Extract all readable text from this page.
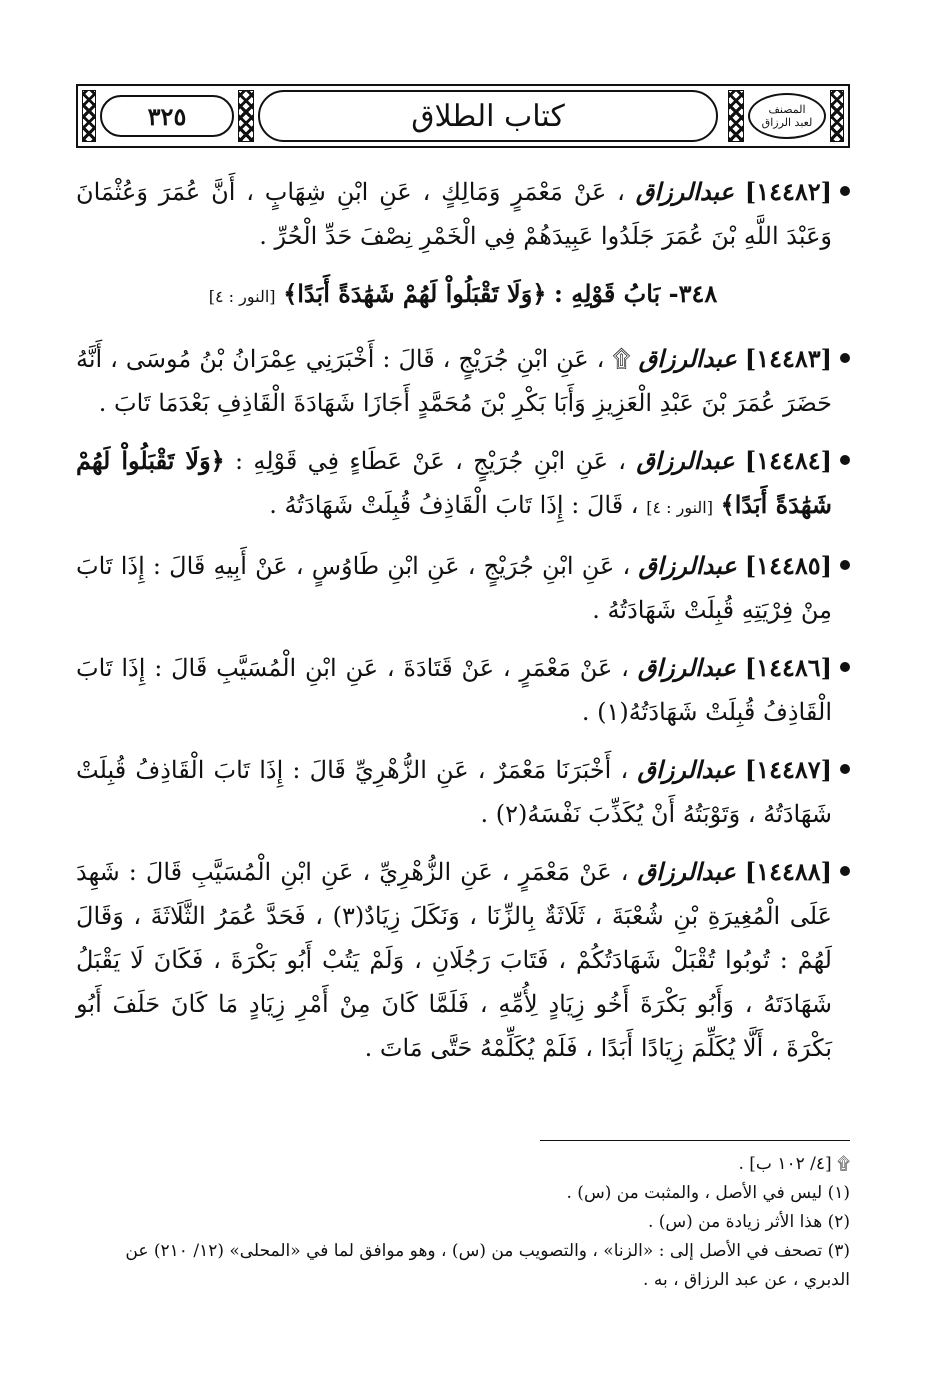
٣٢٥	كتاب الطلاق	المصنف
لعبد الرزاق
[١٤٤٨٢] عبدالرزاق ، عَنْ مَعْمَرٍ وَمَالِكٍ ، عَنِ ابْنِ شِهَابٍ ، أَنَّ عُمَرَ وَعُثْمَانَ وَعَبْدَ اللَّهِ بْنَ عُمَرَ جَلَدُوا عَبِيدَهُمْ فِي الْخَمْرِ نِصْفَ حَدِّ الْحُرِّ .
٣٤٨- بَابُ قَوْلِهِ : ﴿وَلَا تَقْبَلُواْ لَهُمْ شَهَٰدَةً أَبَدًا﴾ [النور : ٤]
[١٤٤٨٣] عبدالرزاق ۩ ، عَنِ ابْنِ جُرَيْجٍ ، قَالَ : أَخْبَرَنِي عِمْرَانُ بْنُ مُوسَى ، أَنَّهُ حَضَرَ عُمَرَ بْنَ عَبْدِ الْعَزِيزِ وَأَبَا بَكْرِ بْنَ مُحَمَّدٍ أَجَازَا شَهَادَةَ الْقَاذِفِ بَعْدَمَا تَابَ .
[١٤٤٨٤] عبدالرزاق ، عَنِ ابْنِ جُرَيْجٍ ، عَنْ عَطَاءٍ فِي قَوْلِهِ : ﴿وَلَا تَقْبَلُواْ لَهُمْ شَهَٰدَةً أَبَدًا﴾ [النور : ٤] ، قَالَ : إِذَا تَابَ الْقَاذِفُ قُبِلَتْ شَهَادَتُهُ .
[١٤٤٨٥] عبدالرزاق ، عَنِ ابْنِ جُرَيْجٍ ، عَنِ ابْنِ طَاوُسٍ ، عَنْ أَبِيهِ قَالَ : إِذَا تَابَ مِنْ فِرْيَتِهِ قُبِلَتْ شَهَادَتُهُ .
[١٤٤٨٦] عبدالرزاق ، عَنْ مَعْمَرٍ ، عَنْ قَتَادَةَ ، عَنِ ابْنِ الْمُسَيَّبِ قَالَ : إِذَا تَابَ الْقَاذِفُ قُبِلَتْ شَهَادَتُهُ(١) .
[١٤٤٨٧] عبدالرزاق ، أَخْبَرَنَا مَعْمَرٌ ، عَنِ الزُّهْرِيِّ قَالَ : إِذَا تَابَ الْقَاذِفُ قُبِلَتْ شَهَادَتُهُ ، وَتَوْبَتُهُ أَنْ يُكَذِّبَ نَفْسَهُ(٢) .
[١٤٤٨٨] عبدالرزاق ، عَنْ مَعْمَرٍ ، عَنِ الزُّهْرِيِّ ، عَنِ ابْنِ الْمُسَيَّبِ قَالَ : شَهِدَ عَلَى الْمُغِيرَةِ بْنِ شُعْبَةَ ، ثَلَاثَةٌ بِالزِّنَا ، وَنَكَلَ زِيَادٌ(٣) ، فَحَدَّ عُمَرُ الثَّلَاثَةَ ، وَقَالَ لَهُمْ : تُوبُوا تُقْبَلْ شَهَادَتُكُمْ ، فَتَابَ رَجُلَانِ ، وَلَمْ يَتُبْ أَبُو بَكْرَةَ ، فَكَانَ لَا يَقْبَلُ شَهَادَتَهُ ، وَأَبُو بَكْرَةَ أَخُو زِيَادٍ لِأُمِّهِ ، فَلَمَّا كَانَ مِنْ أَمْرِ زِيَادٍ مَا كَانَ حَلَفَ أَبُو بَكْرَةَ ، أَلَّا يُكَلِّمَ زِيَادًا أَبَدًا ، فَلَمْ يُكَلِّمْهُ حَتَّى مَاتَ .

۩ [٤/ ١٠٢ ب] .

(١) ليس في الأصل ، والمثبت من (س) .

(٢) هذا الأثر زيادة من (س) .

(٣) تصحف في الأصل إلى : «الزنا» ، والتصويب من (س) ، وهو موافق لما في «المحلى» (١٢/ ٢١٠) عن الدبري ، عن عبد الرزاق ، به .
